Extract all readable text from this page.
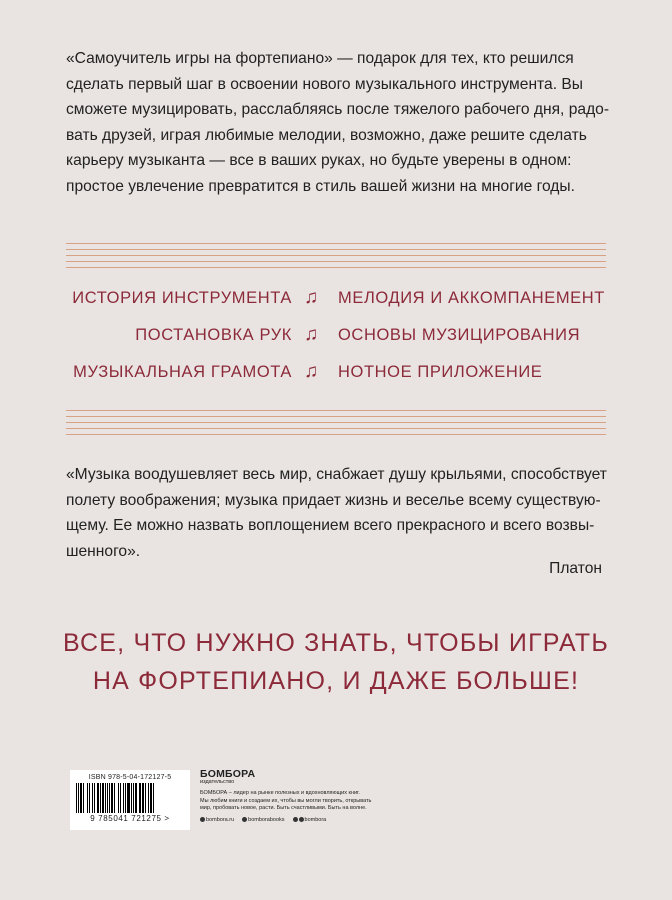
«Самоучитель игры на фортепиано» — подарок для тех, кто решился
сделать первый шаг в освоении нового музыкального инструмента. Вы
сможете музицировать, расслабляясь после тяжелого рабочего дня, радо-
вать друзей, играя любимые мелодии, возможно, даже решите сделать
карьеру музыканта — все в ваших руках, но будьте уверены в одном:
простое увлечение превратится в стиль вашей жизни на многие годы.
ИСТОРИЯ ИНСТРУМЕНТА ♫ МЕЛОДИЯ И АККОМПАНЕМЕНТ
ПОСТАНОВКА РУК ♫ ОСНОВЫ МУЗИЦИРОВАНИЯ
МУЗЫКАЛЬНАЯ ГРАМОТА ♫ НОТНОЕ ПРИЛОЖЕНИЕ
«Музыка воодушевляет весь мир, снабжает душу крыльями, способствует
полету воображения; музыка придает жизнь и веселье всему существую-
щему. Ее можно назвать воплощением всего прекрасного и всего возвы-
шенного».
Платон
ВСЕ, ЧТО НУЖНО ЗНАТЬ, ЧТОБЫ ИГРАТЬ
НА ФОРТЕПИАНО, И ДАЖЕ БОЛЬШЕ!
ISBN 978-5-04-172127-5
9 785041 721275 >
БОМБОРА
издательство
БОМБОРА – лидер на рынке полезных и вдохновляющих книг.
Мы любим книги и создаем их, чтобы вы могли творить, открывать
мир, пробовать новое, расти. Быть счастливыми. Быть на волне.
bombora.ru	bomborabooks	bombora
